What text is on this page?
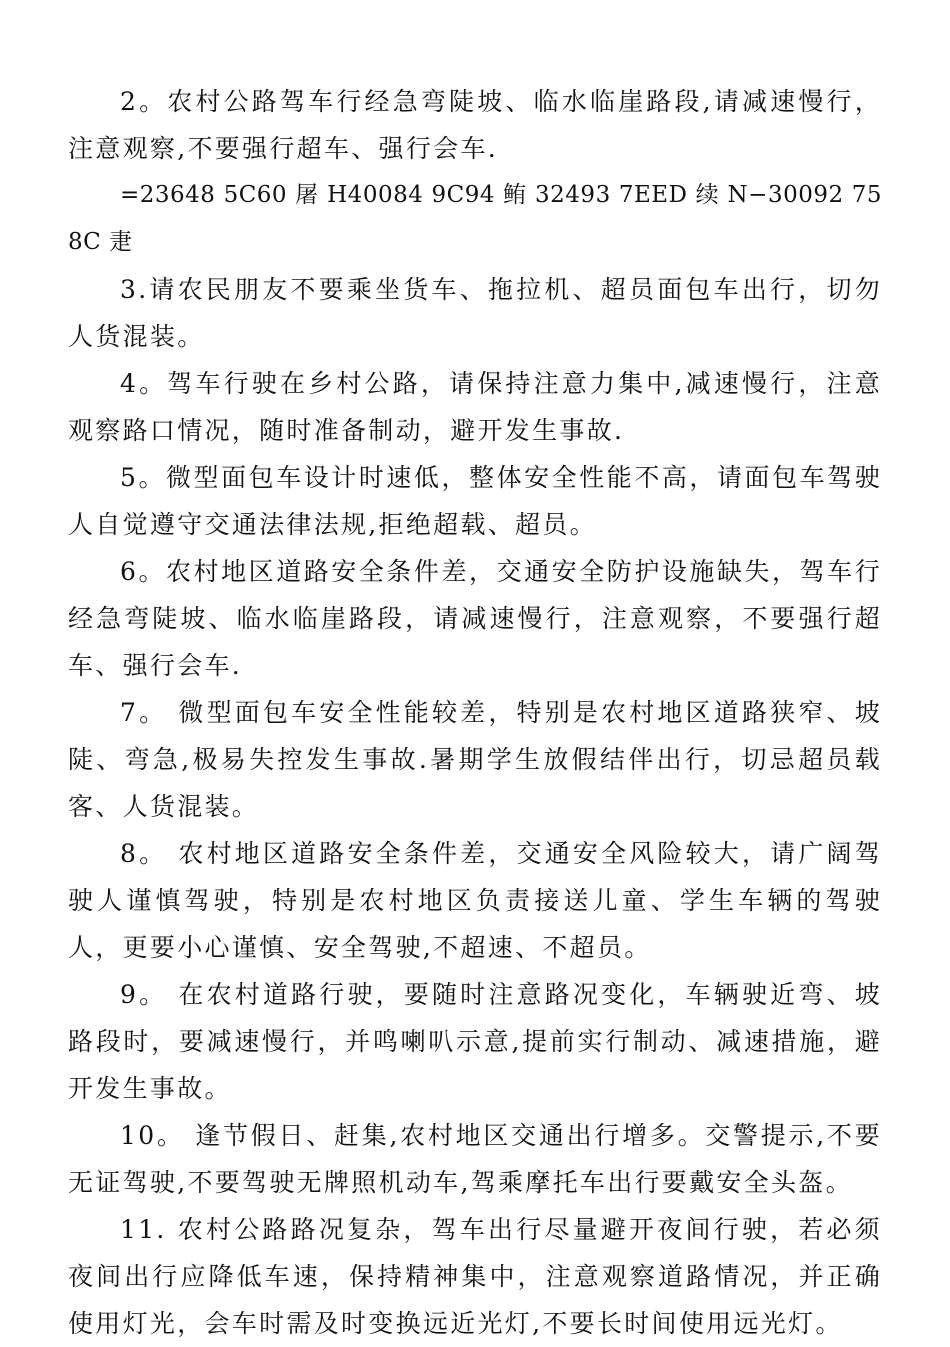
2。农村公路驾车行经急弯陡坡、临水临崖路段,请减速慢行，注意观察,不要强行超车、强行会车.

=23648 5C60 屠 H40084 9C94 鲔 32493 7EED 续 N−30092 758C 疌

3.请农民朋友不要乘坐货车、拖拉机、超员面包车出行，切勿人货混装。

4。驾车行驶在乡村公路，请保持注意力集中,减速慢行，注意观察路口情况，随时准备制动，避开发生事故.

5。微型面包车设计时速低，整体安全性能不高，请面包车驾驶人自觉遵守交通法律法规,拒绝超载、超员。

6。农村地区道路安全条件差，交通安全防护设施缺失，驾车行经急弯陡坡、临水临崖路段，请减速慢行，注意观察，不要强行超车、强行会车.

7。 微型面包车安全性能较差，特别是农村地区道路狭窄、坡陡、弯急,极易失控发生事故.暑期学生放假结伴出行，切忌超员载客、人货混装。

8。 农村地区道路安全条件差，交通安全风险较大，请广阔驾驶人谨慎驾驶，特别是农村地区负责接送儿童、学生车辆的驾驶人，更要小心谨慎、安全驾驶,不超速、不超员。

9。 在农村道路行驶，要随时注意路况变化，车辆驶近弯、坡路段时，要减速慢行，并鸣喇叭示意,提前实行制动、减速措施，避开发生事故。

10。 逢节假日、赶集,农村地区交通出行增多。交警提示,不要无证驾驶,不要驾驶无牌照机动车,驾乘摩托车出行要戴安全头盔。

11. 农村公路路况复杂，驾车出行尽量避开夜间行驶，若必须夜间出行应降低车速，保持精神集中，注意观察道路情况，并正确使用灯光，会车时需及时变换远近光灯,不要长时间使用远光灯。
